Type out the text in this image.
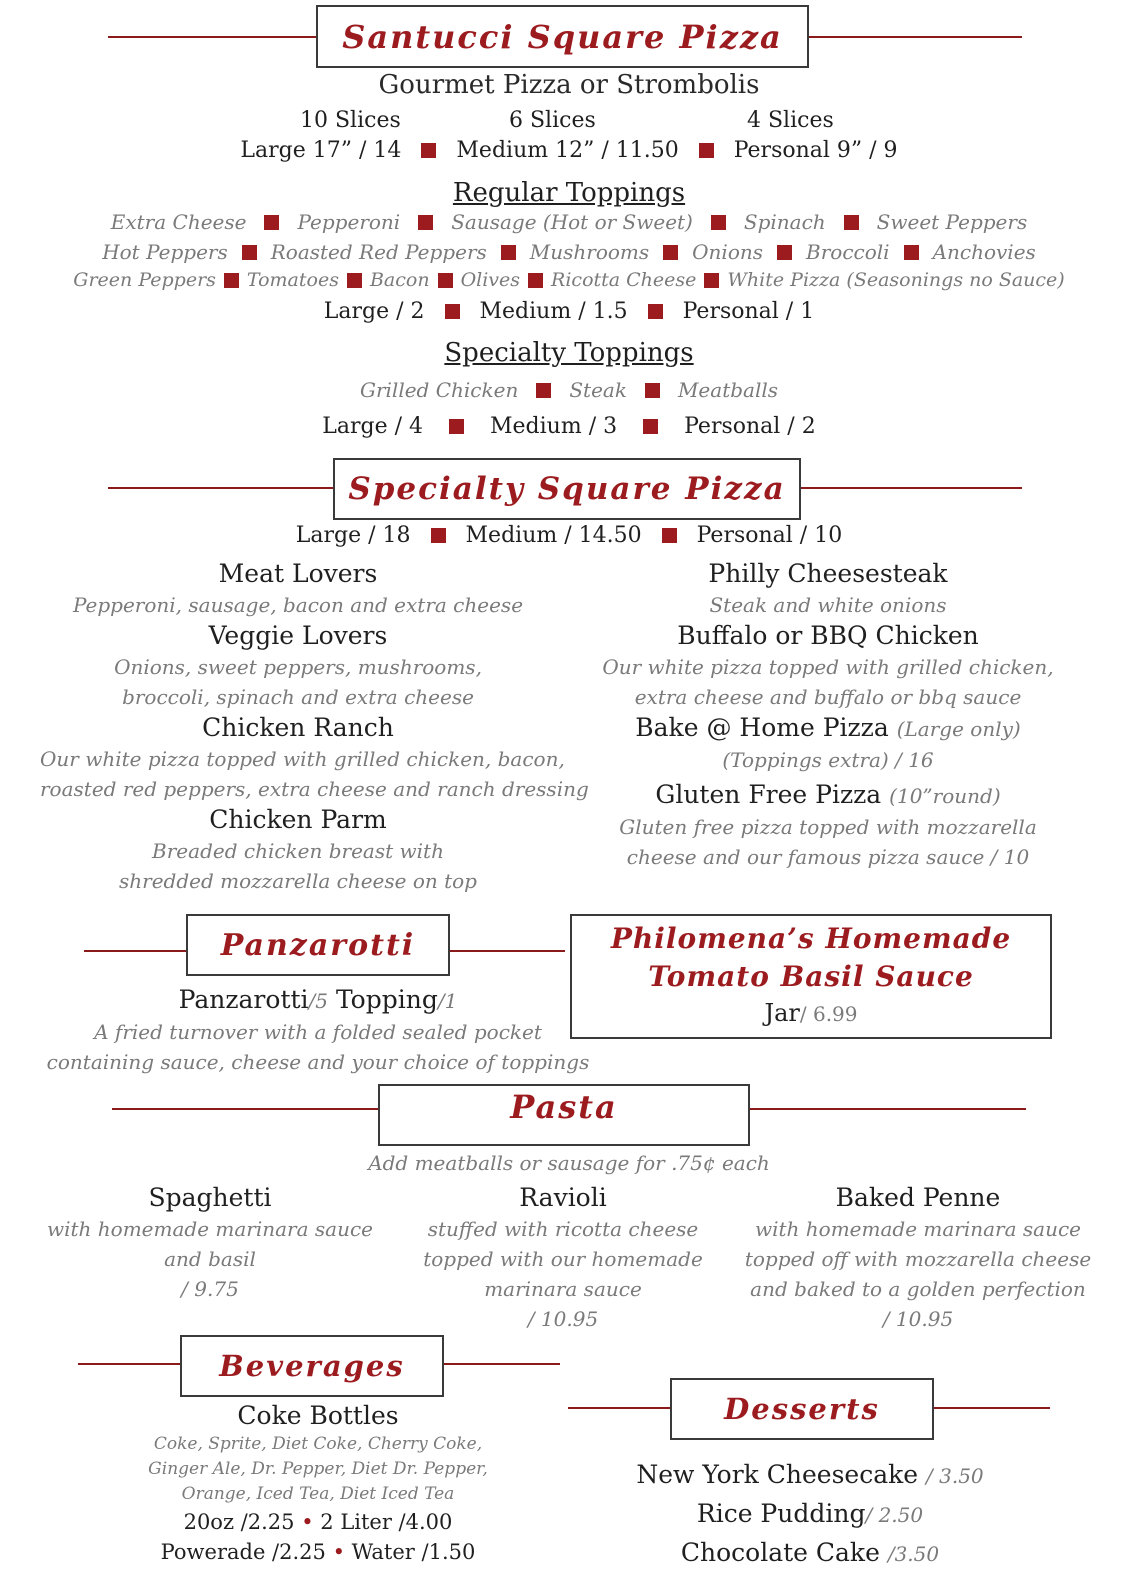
Santucci Square Pizza
Gourmet Pizza or Strombolis
10 Slices	6 Slices	4 Slices
Large 17” / 14	Medium 12” / 11.50	Personal 9” / 9
Regular Toppings
Extra Cheese	Pepperoni	Sausage (Hot or Sweet)	Spinach	Sweet Peppers
Hot Peppers Roasted Red Peppers Mushrooms Onions Broccoli Anchovies
Green Peppers Tomatoes Bacon Olives Ricotta Cheese White Pizza (Seasonings no Sauce)
Large / 2	Medium / 1.5	Personal / 1
Specialty Toppings
Grilled Chicken	Steak	Meatballs
Large / 4	Medium / 3	Personal / 2
Specialty Square Pizza
Large / 18	Medium / 14.50	Personal / 10
Meat Lovers
Pepperoni, sausage, bacon and extra cheese
Veggie Lovers
Onions, sweet peppers, mushrooms,
broccoli, spinach and extra cheese
Chicken Ranch
Our white pizza topped with grilled chicken, bacon,
roasted red peppers, extra cheese and ranch dressing
Chicken Parm
Breaded chicken breast with
shredded mozzarella cheese on top
Philly Cheesesteak
Steak and white onions
Buffalo or BBQ Chicken
Our white pizza topped with grilled chicken,
extra cheese and buffalo or bbq sauce
Bake @ Home Pizza (Large only)
(Toppings extra) / 16
Gluten Free Pizza (10”round)
Gluten free pizza topped with mozzarella
cheese and our famous pizza sauce / 10
Panzarotti
Panzarotti/5 Topping/1
A fried turnover with a folded sealed pocket
containing sauce, cheese and your choice of toppings
Philomena’s Homemade
Tomato Basil Sauce
Jar/ 6.99
Pasta
Add meatballs or sausage for .75¢ each
Spaghetti
with homemade marinara sauce
and basil
/ 9.75
Ravioli
stuffed with ricotta cheese
topped with our homemade
marinara sauce
/ 10.95
Baked Penne
with homemade marinara sauce
topped off with mozzarella cheese
and baked to a golden perfection
/ 10.95
Beverages
Coke Bottles
Coke, Sprite, Diet Coke, Cherry Coke,
Ginger Ale, Dr. Pepper, Diet Dr. Pepper,
Orange, Iced Tea, Diet Iced Tea
20oz /2.25 • 2 Liter /4.00
Powerade /2.25 • Water /1.50
Desserts
New York Cheesecake / 3.50
Rice Pudding/ 2.50
Chocolate Cake /3.50
